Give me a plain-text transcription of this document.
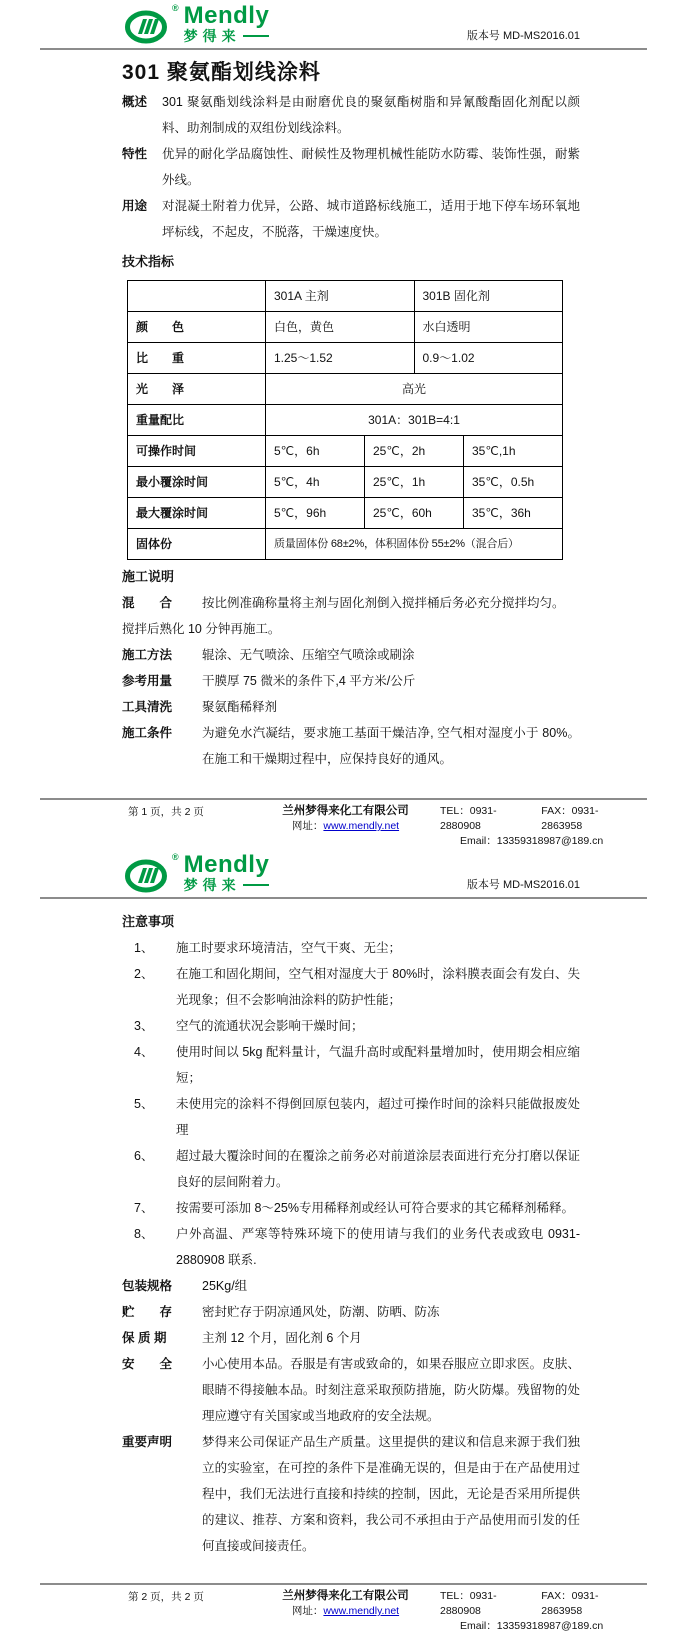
® Mendly
梦得来	版本号 MD-MS2016.01
301 聚氨酯划线涂料
概述	301 聚氨酯划线涂料是由耐磨优良的聚氨酯树脂和异氰酸酯固化剂配以颜料、助剂制成的双组份划线涂料。
特性	优异的耐化学品腐蚀性、耐候性及物理机械性能防水防霉、装饰性强，耐紫外线。
用途	对混凝土附着力优异，公路、城市道路标线施工，适用于地下停车场环氧地坪标线，不起皮，不脱落，干燥速度快。
技术指标
	301A 主剂		301B 固化剂	
颜　　色	白色，黄色		水白透明	
比　　重	1.25～1.52		0.9～1.02	
光　　泽	高光			
重量配比	301A：301B=4:1			
可操作时间	5℃，6h	25℃，2h		35℃,1h
最小覆涂时间	5℃，4h	25℃，1h		35℃，0.5h
最大覆涂时间	5℃，96h	25℃，60h		35℃，36h
固体份	质量固体份 68±2%，体积固体份 55±2%（混合后）			
施工说明
混　　合	按比例准确称量将主剂与固化剂倒入搅拌桶后务必充分搅拌均匀。
搅拌后熟化 10 分钟再施工。
施工方法	辊涂、无气喷涂、压缩空气喷涂或刷涂
参考用量	干膜厚 75 微米的条件下,4 平方米/公斤
工具清洗	聚氨酯稀释剂
施工条件	为避免水汽凝结，要求施工基面干燥洁净, 空气相对湿度小于 80%。在施工和干燥期过程中，应保持良好的通风。
第 1 页，共 2 页	兰州梦得来化工有限公司
网址：www.mendly.net
TEL：0931-2880908
FAX：0931-2863958
Email：13359318987@189.cn
® Mendly
梦得来	版本号 MD-MS2016.01
注意事项
1、	施工时要求环境清洁，空气干爽、无尘；
2、	在施工和固化期间，空气相对湿度大于 80%时，涂料膜表面会有发白、失光现象；但不会影响油涂料的防护性能；
3、	空气的流通状况会影响干燥时间；
4、	使用时间以 5kg 配料量计，气温升高时或配料量增加时，使用期会相应缩短；
5、	未使用完的涂料不得倒回原包装内，超过可操作时间的涂料只能做报废处理
6、	超过最大覆涂时间的在覆涂之前务必对前道涂层表面进行充分打磨以保证良好的层间附着力。
7、	按需要可添加 8～25%专用稀释剂或经认可符合要求的其它稀释剂稀释。
8、	户外高温、严寒等特殊环境下的使用请与我们的业务代表或致电 0931-2880908 联系.
包装规格	25Kg/组
贮　　存	密封贮存于阴凉通风处，防潮、防晒、防冻
保 质 期	主剂 12 个月，固化剂 6 个月
安　　全	小心使用本品。吞服是有害或致命的，如果吞服应立即求医。皮肤、眼睛不得接触本品。时刻注意采取预防措施，防火防爆。残留物的处理应遵守有关国家或当地政府的安全法规。
重要声明	梦得来公司保证产品生产质量。这里提供的建议和信息来源于我们独立的实验室，在可控的条件下是准确无误的，但是由于在产品使用过程中，我们无法进行直接和持续的控制，因此，无论是否采用所提供的建议、推荐、方案和资料，我公司不承担由于产品使用而引发的任何直接或间接责任。
第 2 页，共 2 页	兰州梦得来化工有限公司
网址：www.mendly.net
TEL：0931-2880908
FAX：0931-2863958
Email：13359318987@189.cn
